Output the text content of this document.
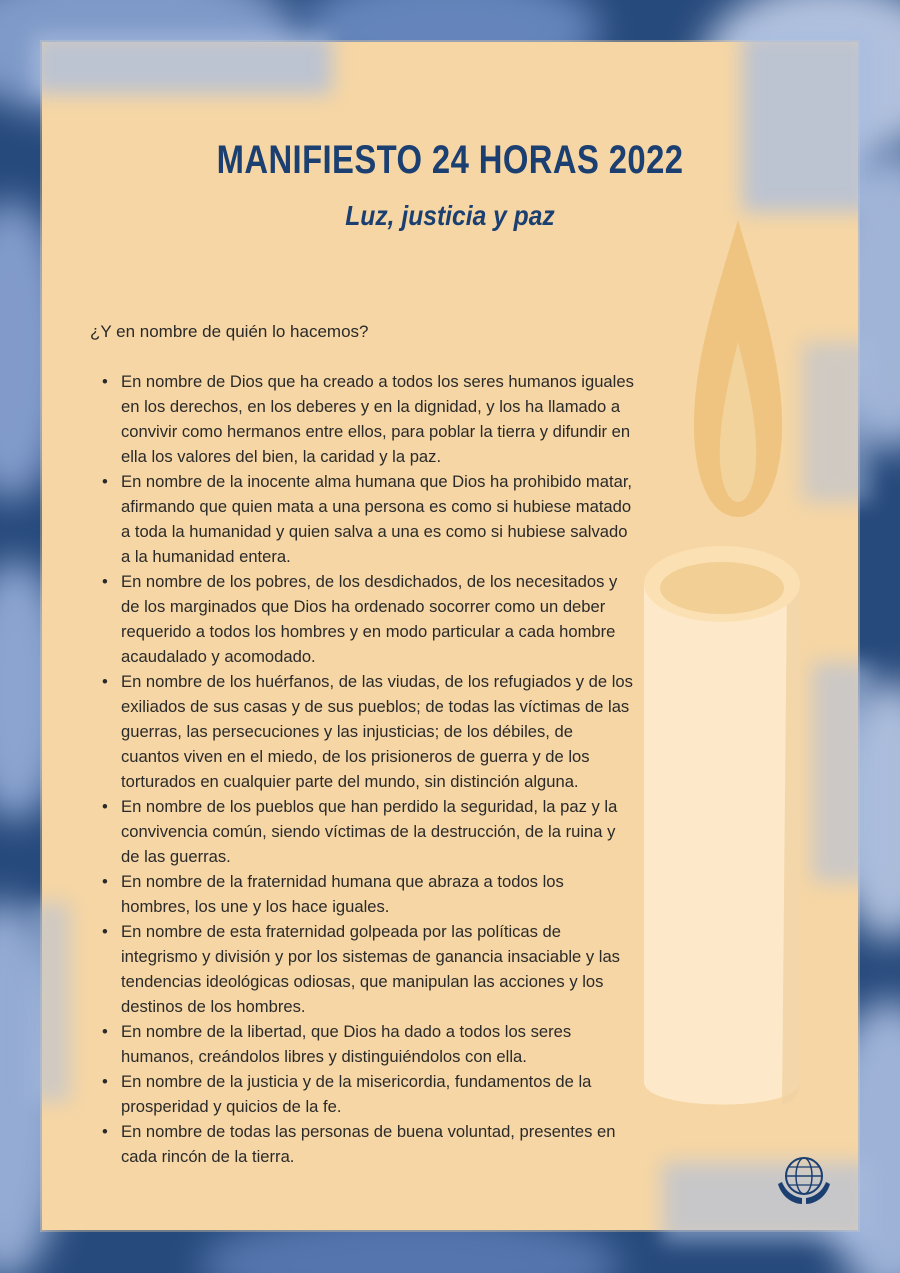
MANIFIESTO 24 HORAS 2022
Luz, justicia y paz

¿Y en nombre de quién lo hacemos?

• En nombre de Dios que ha creado a todos los seres humanos iguales en los derechos, en los deberes y en la dignidad, y los ha llamado a convivir como hermanos entre ellos, para poblar la tierra y difundir en ella los valores del bien, la caridad y la paz.
• En nombre de la inocente alma humana que Dios ha prohibido matar, afirmando que quien mata a una persona es como si hubiese matado a toda la humanidad y quien salva a una es como si hubiese salvado a la humanidad entera.
• En nombre de los pobres, de los desdichados, de los necesitados y de los marginados que Dios ha ordenado socorrer como un deber requerido a todos los hombres y en modo particular a cada hombre acaudalado y acomodado.
• En nombre de los huérfanos, de las viudas, de los refugiados y de los exiliados de sus casas y de sus pueblos; de todas las víctimas de las guerras, las persecuciones y las injusticias; de los débiles, de cuantos viven en el miedo, de los prisioneros de guerra y de los torturados en cualquier parte del mundo, sin distinción alguna.
• En nombre de los pueblos que han perdido la seguridad, la paz y la convivencia común, siendo víctimas de la destrucción, de la ruina y de las guerras.
• En nombre de la fraternidad humana que abraza a todos los hombres, los une y los hace iguales.
• En nombre de esta fraternidad golpeada por las políticas de integrismo y división y por los sistemas de ganancia insaciable y las tendencias ideológicas odiosas, que manipulan las acciones y los destinos de los hombres.
• En nombre de la libertad, que Dios ha dado a todos los seres humanos, creándolos libres y distinguiéndolos con ella.
• En nombre de la justicia y de la misericordia, fundamentos de la prosperidad y quicios de la fe.
• En nombre de todas las personas de buena voluntad, presentes en cada rincón de la tierra.
